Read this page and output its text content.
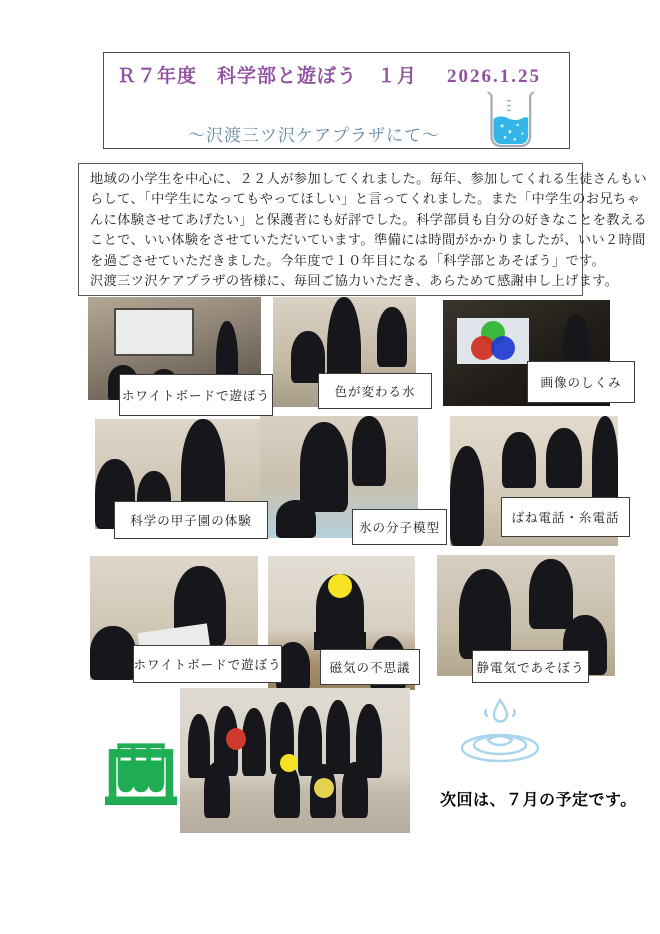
Ｒ７年度　科学部と遊ぼう　１月 2026.1.25
～沢渡三ツ沢ケアプラザにて～
地域の小学生を中心に、２２人が参加してくれました。毎年、参加してくれる生徒さんもい
らして、「中学生になってもやってほしい」と言ってくれました。また「中学生のお兄ちゃ
んに体験させてあげたい」と保護者にも好評でした。科学部員も自分の好きなことを教える
ことで、いい体験をさせていただいています。準備には時間がかかりましたが、いい２時間
を過ごさせていただきました。今年度で１０年目になる「科学部とあそぼう」です。
沢渡三ツ沢ケアプラザの皆様に、毎回ご協力いただき、あらためて感謝申し上げます。
ホワイトボードで遊ぼう	色が変わる水
画像のしくみ
科学の甲子園の体験	氷の分子模型
ばね電話・糸電話
ホワイトボードで遊ぼう	磁気の不思議	静電気であそぼう
次回は、７月の予定です。
